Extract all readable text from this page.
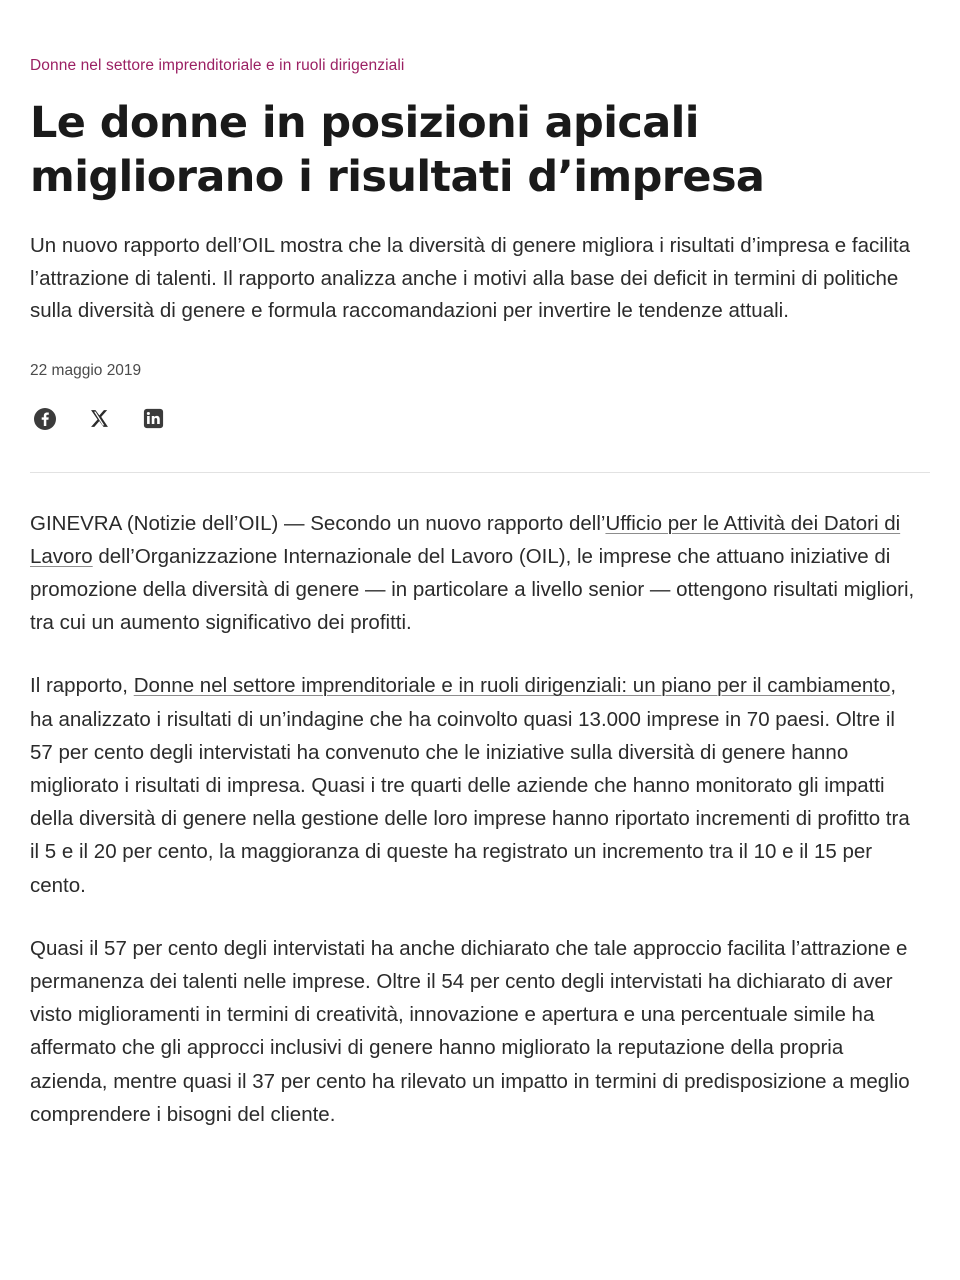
Donne nel settore imprenditoriale e in ruoli dirigenziali
Le donne in posizioni apicali migliorano i risultati d’impresa
Un nuovo rapporto dell’OIL mostra che la diversità di genere migliora i risultati d’impresa e facilita l’attrazione di talenti. Il rapporto analizza anche i motivi alla base dei deficit in termini di politiche sulla diversità di genere e formula raccomandazioni per invertire le tendenze attuali.
22 maggio 2019

GINEVRA (Notizie dell’OIL) — Secondo un nuovo rapporto dell’Ufficio per le Attività dei Datori di Lavoro dell’Organizzazione Internazionale del Lavoro (OIL), le imprese che attuano iniziative di promozione della diversità di genere — in particolare a livello senior — ottengono risultati migliori, tra cui un aumento significativo dei profitti.

Il rapporto, Donne nel settore imprenditoriale e in ruoli dirigenziali: un piano per il cambiamento, ha analizzato i risultati di un’indagine che ha coinvolto quasi 13.000 imprese in 70 paesi. Oltre il 57 per cento degli intervistati ha convenuto che le iniziative sulla diversità di genere hanno migliorato i risultati di impresa. Quasi i tre quarti delle aziende che hanno monitorato gli impatti della diversità di genere nella gestione delle loro imprese hanno riportato incrementi di profitto tra il 5 e il 20 per cento, la maggioranza di queste ha registrato un incremento tra il 10 e il 15 per cento.

Quasi il 57 per cento degli intervistati ha anche dichiarato che tale approccio facilita l’attrazione e permanenza dei talenti nelle imprese. Oltre il 54 per cento degli intervistati ha dichiarato di aver visto miglioramenti in termini di creatività, innovazione e apertura e una percentuale simile ha affermato che gli approcci inclusivi di genere hanno migliorato la reputazione della propria azienda, mentre quasi il 37 per cento ha rilevato un impatto in termini di predisposizione a meglio comprendere i bisogni del cliente.
